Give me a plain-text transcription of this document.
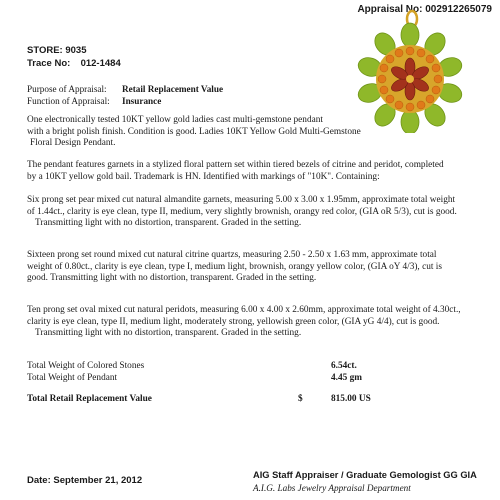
Appraisal No: 002912265079
STORE: 9035
Trace No: 012-1484
Purpose of Appraisal: Retail Replacement Value
Function of Appraisal: Insurance
One electronically tested 10KT yellow gold ladies cast multi-gemstone pendant
with a bright polish finish. Condition is good. Ladies 10KT Yellow Gold Multi-Gemstone
Floral Design Pendant.
The pendant features garnets in a stylized floral pattern set within tiered bezels of citrine and peridot, completed
by a 10KT yellow gold bail. Trademark is HN. Identified with markings of "10K". Containing:
Six prong set pear mixed cut natural almandite garnets, measuring 5.00 x 3.00 x 1.95mm, approximate total weight
of 1.44ct., clarity is eye clean, type II, medium, very slightly brownish, orangy red color, (GIA oR 5/3), cut is good.
Transmitting light with no distortion, transparent. Graded in the setting.
Sixteen prong set round mixed cut natural citrine quartzs, measuring 2.50 - 2.50 x 1.63 mm, approximate total
weight of 0.80ct., clarity is eye clean, type I, medium light, brownish, orangy yellow color, (GIA oY 4/3), cut is
good. Transmitting light with no distortion, transparent. Graded in the setting.
Ten prong set oval mixed cut natural peridots, measuring 6.00 x 4.00 x 2.60mm, approximate total weight of 4.30ct.,
clarity is eye clean, type II, medium light, moderately strong, yellowish green color, (GIA yG 4/4), cut is good.
Transmitting light with no distortion, transparent. Graded in the setting.
Total Weight of Colored Stones	6.54ct.
Total Weight of Pendant	4.45 gm
Total Retail Replacement Value	$	815.00 US
Date: September 21, 2012	AIG Staff Appraiser / Graduate Gemologist GG GIA
A.I.G. Labs Jewelry Appraisal Department
